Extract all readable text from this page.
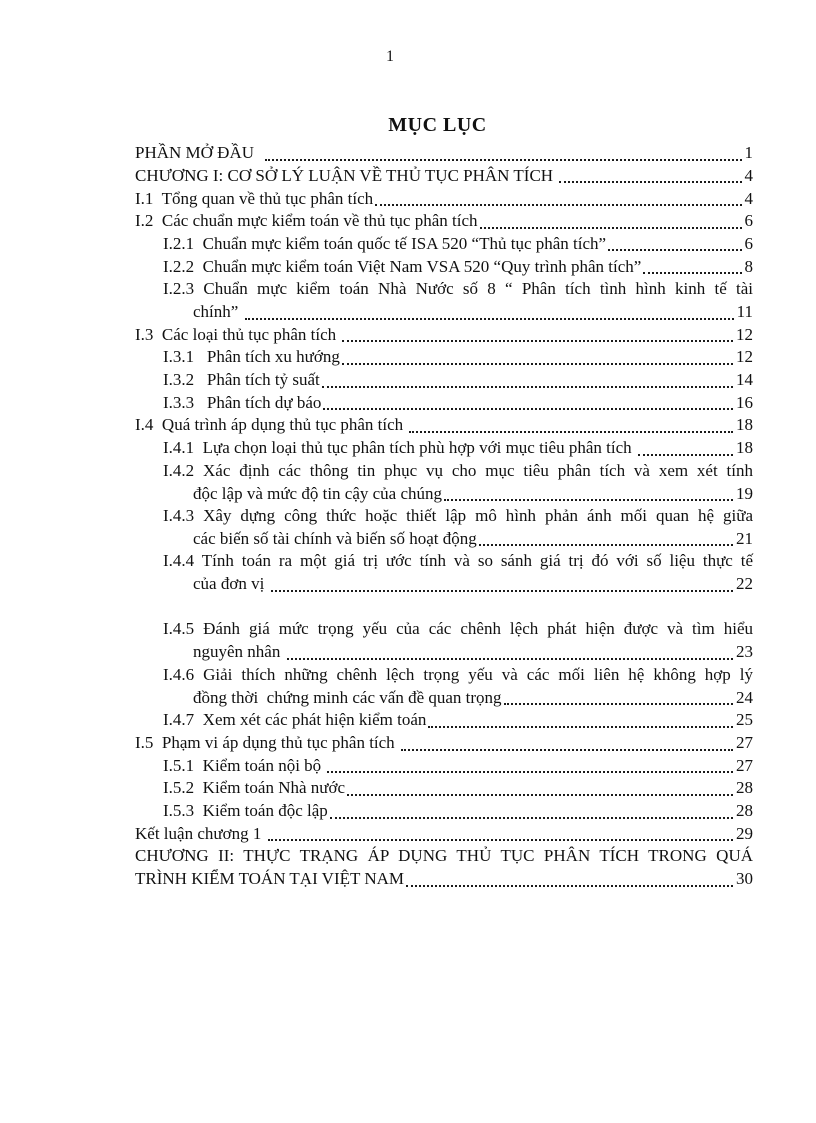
1
MỤC LỤC
PHẦN MỞ ĐẦU	1
CHƯƠNG I: CƠ SỞ LÝ LUẬN VỀ THỦ TỤC PHÂN TÍCH	4
I.1  Tổng quan về thủ tục phân tích	4
I.2  Các chuẩn mực kiểm toán về thủ tục phân tích	6
I.2.1  Chuẩn mực kiểm toán quốc tế ISA 520 “Thủ tục phân tích”	6
I.2.2  Chuẩn mực kiểm toán Việt Nam VSA 520 “Quy trình phân tích”	8
I.2.3 Chuẩn mực kiểm toán Nhà Nước số 8 “ Phân tích tình hình kinh tế tài
chính”	11
I.3  Các loại thủ tục phân tích	12
I.3.1   Phân tích xu hướng	12
I.3.2   Phân tích tỷ suất	14
I.3.3   Phân tích dự báo	16
I.4  Quá trình áp dụng thủ tục phân tích	18
I.4.1  Lựa chọn loại thủ tục phân tích phù hợp với mục tiêu phân tích	18
I.4.2 Xác định các thông tin phục vụ cho mục tiêu phân tích và xem xét tính
độc lập và mức độ tin cậy của chúng	19
I.4.3 Xây dựng công thức hoặc thiết lập mô hình phản ánh mối quan hệ giữa
các biến số tài chính và biến số hoạt động	21
I.4.4 Tính toán ra một giá trị ước tính và so sánh giá trị đó với số liệu thực tế
của đơn vị	22
I.4.5 Đánh giá mức trọng yếu của các chênh lệch phát hiện được và tìm hiểu
nguyên nhân	23
I.4.6 Giải thích những chênh lệch trọng yếu và các mối liên hệ không hợp lý
đồng thời  chứng minh các vấn đề quan trọng	24
I.4.7  Xem xét các phát hiện kiểm toán	25
I.5  Phạm vi áp dụng thủ tục phân tích	27
I.5.1  Kiểm toán nội bộ	27
I.5.2  Kiểm toán Nhà nước	28
I.5.3  Kiểm toán độc lập	28
Kết luận chương 1	29
CHƯƠNG II: THỰC TRẠNG ÁP DỤNG THỦ TỤC PHÂN TÍCH TRONG QUÁ
TRÌNH KIỂM TOÁN TẠI VIỆT NAM	30
